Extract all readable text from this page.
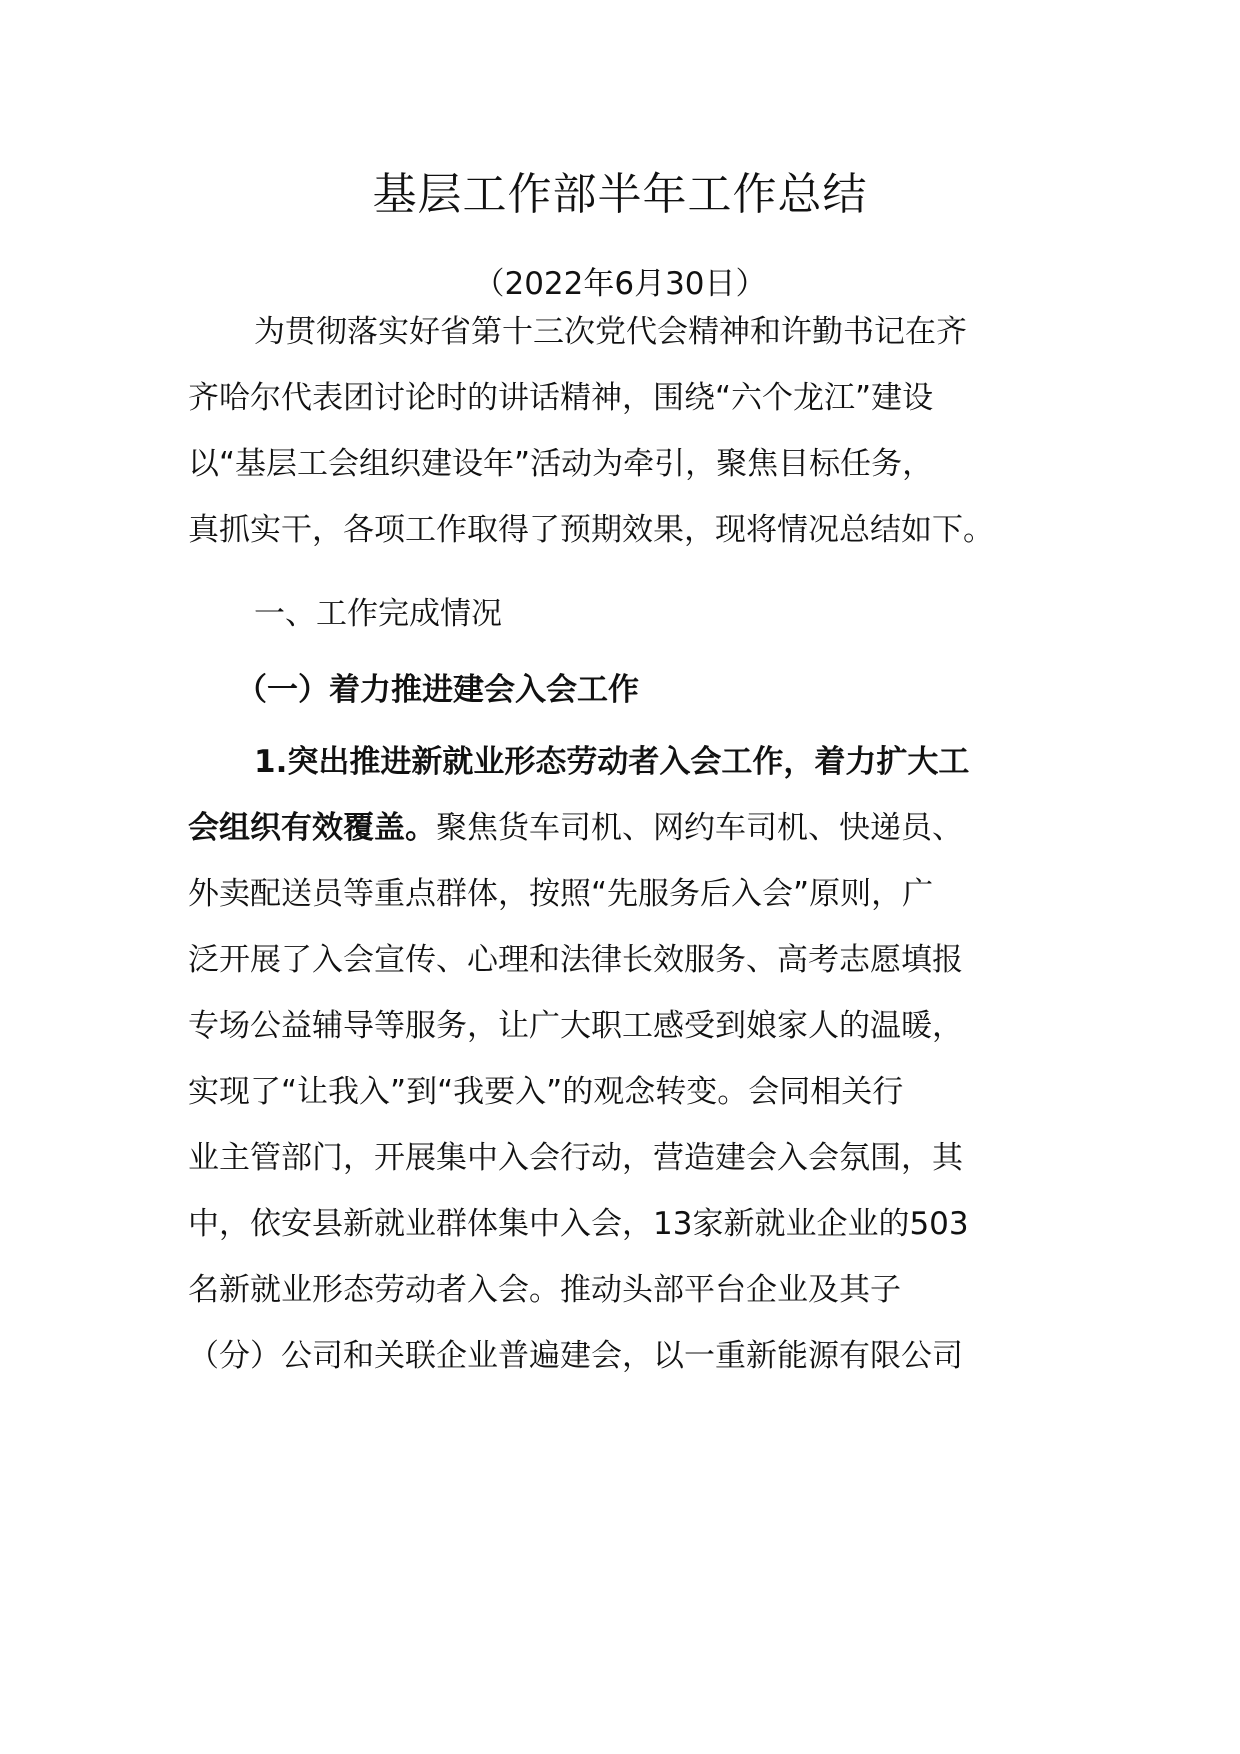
基层工作部半年工作总结

（2022年6月30日）

为贯彻落实好省第十三次党代会精神和许勤书记在齐

齐哈尔代表团讨论时的讲话精神，围绕“六个龙江”建设

以“基层工会组织建设年”活动为牵引，聚焦目标任务，

真抓实干，各项工作取得了预期效果，现将情况总结如下。

一、工作完成情况

（一）着力推进建会入会工作

1.突出推进新就业形态劳动者入会工作，着力扩大工

会组织有效覆盖。聚焦货车司机、网约车司机、快递员、

外卖配送员等重点群体，按照“先服务后入会”原则，广

泛开展了入会宣传、心理和法律长效服务、高考志愿填报

专场公益辅导等服务，让广大职工感受到娘家人的温暖，

实现了“让我入”到“我要入”的观念转变。会同相关行

业主管部门，开展集中入会行动，营造建会入会氛围，其

中，依安县新就业群体集中入会，13家新就业企业的503

名新就业形态劳动者入会。推动头部平台企业及其子

（分）公司和关联企业普遍建会，以一重新能源有限公司
